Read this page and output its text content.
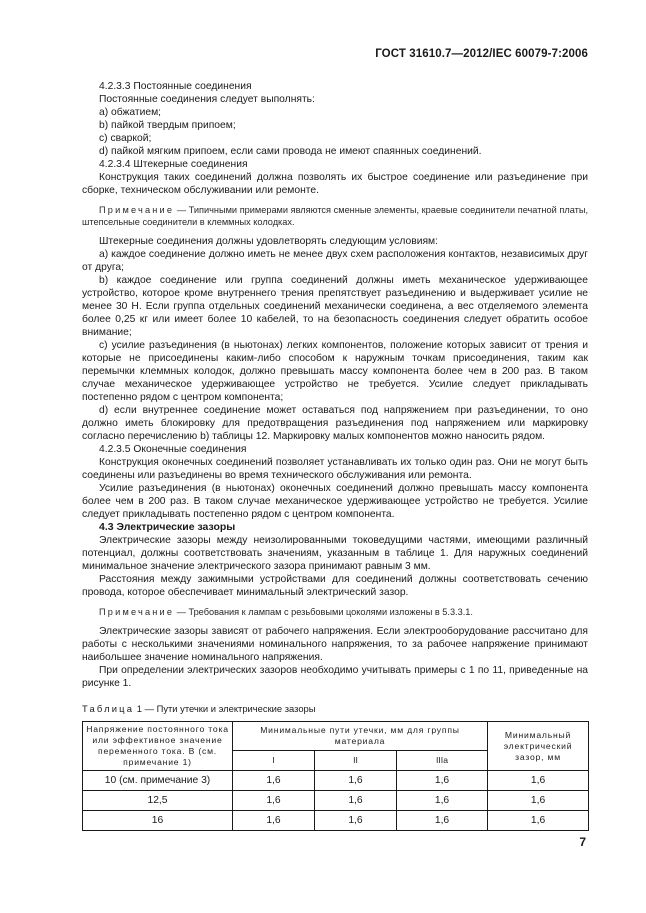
ГОСТ 31610.7—2012/IEC 60079-7:2006

4.2.3.3 Постоянные соединения

Постоянные соединения следует выполнять:

a) обжатием;

b) пайкой твердым припоем;

c) сваркой;

d) пайкой мягким припоем, если сами провода не имеют спаянных соединений.

4.2.3.4 Штекерные соединения

Конструкция таких соединений должна позволять их быстрое соединение или разъединение при сборке, техническом обслуживании или ремонте.

Примечание — Типичными примерами являются сменные элементы, краевые соединители печатной платы, штепсельные соединители в клеммных колодках.

Штекерные соединения должны удовлетворять следующим условиям:

a) каждое соединение должно иметь не менее двух схем расположения контактов, независимых друг от друга;

b) каждое соединение или группа соединений должны иметь механическое удерживающее устройство, которое кроме внутреннего трения препятствует разъединению и выдерживает усилие не менее 30 Н. Если группа отдельных соединений механически соединена, а вес отделяемого элемента более 0,25 кг или имеет более 10 кабелей, то на безопасность соединения следует обратить особое внимание;

c) усилие разъединения (в ньютонах) легких компонентов, положение которых зависит от трения и которые не присоединены каким-либо способом к наружным точкам присоединения, таким как перемычки клеммных колодок, должно превышать массу компонента более чем в 200 раз. В таком случае механическое удерживающее устройство не требуется. Усилие следует прикладывать постепенно рядом с центром компонента;

d) если внутреннее соединение может оставаться под напряжением при разъединении, то оно должно иметь блокировку для предотвращения разъединения под напряжением или маркировку согласно перечислению b) таблицы 12. Маркировку малых компонентов можно наносить рядом.

4.2.3.5 Оконечные соединения

Конструкция оконечных соединений позволяет устанавливать их только один раз. Они не могут быть соединены или разъединены во время технического обслуживания или ремонта.

Усилие разъединения (в ньютонах) оконечных соединений должно превышать массу компонента более чем в 200 раз. В таком случае механическое удерживающее устройство не требуется. Усилие следует прикладывать постепенно рядом с центром компонента.

4.3 Электрические зазоры

Электрические зазоры между неизолированными токоведущими частями, имеющими различный потенциал, должны соответствовать значениям, указанным в таблице 1. Для наружных соединений минимальное значение электрического зазора принимают равным 3 мм.

Расстояния между зажимными устройствами для соединений должны соответствовать сечению провода, которое обеспечивает минимальный электрический зазор.

Примечание — Требования к лампам с резьбовыми цоколями изложены в 5.3.3.1.

Электрические зазоры зависят от рабочего напряжения. Если электрооборудование рассчитано для работы с несколькими значениями номинального напряжения, то за рабочее напряжение принимают наибольшее значение номинального напряжения.

При определении электрических зазоров необходимо учитывать примеры с 1 по 11, приведенные на рисунке 1.

Таблица 1 — Пути утечки и электрические зазоры
Напряжение постоянного тока или эффективное значение переменного тока. В (см. примечание 1)	Минимальные пути утечки, мм для группы материала			Минимальный электрический зазор, мм
	I	II	IIIa	
10 (см. примечание 3)	1,6	1,6	1,6	1,6
12,5	1,6	1,6	1,6	1,6
16	1,6	1,6	1,6	1,6
7
